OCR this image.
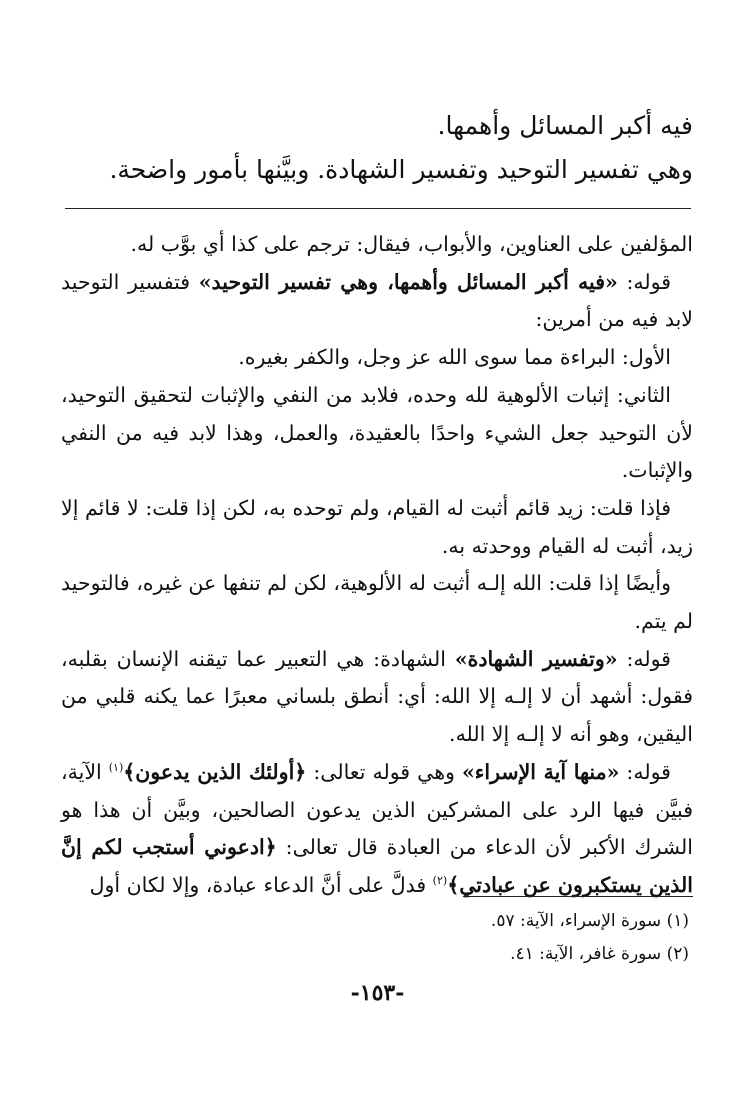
فيه أكبر المسائل وأهمها.

وهي تفسير التوحيد وتفسير الشهادة. وبيَّنها بأمور واضحة.

المؤلفين على العناوين، والأبواب، فيقال: ترجم على كذا أي بوَّب له.

قوله: «فيه أكبر المسائل وأهمها، وهي تفسير التوحيد» فتفسير التوحيد لابد فيه من أمرين:

الأول: البراءة مما سوى الله عز وجل، والكفر بغيره.

الثاني: إثبات الألوهية لله وحده، فلابد من النفي والإثبات لتحقيق التوحيد، لأن التوحيد جعل الشيء واحدًا بالعقيدة، والعمل، وهذا لابد فيه من النفي والإثبات.

فإذا قلت: زيد قائم أثبت له القيام، ولم توحده به، لكن إذا قلت: لا قائم إلا زيد، أثبت له القيام ووحدته به.

وأيضًا إذا قلت: الله إلـه أثبت له الألوهية، لكن لم تنفها عن غيره، فالتوحيد لم يتم.

قوله: «وتفسير الشهادة» الشهادة: هي التعبير عما تيقنه الإنسان بقلبه، فقول: أشهد أن لا إلـه إلا الله: أي: أنطق بلساني معبرًا عما يكنه قلبي من اليقين، وهو أنه لا إلـه إلا الله.

قوله: «منها آية الإسراء» وهي قوله تعالى: ﴿أولئك الذين يدعون﴾$^{(١)}$ الآية، فبيَّن فيها الرد على المشركين الذين يدعون الصالحين، وبيَّن أن هذا هو الشرك الأكبر لأن الدعاء من العبادة قال تعالى: ﴿ادعوني أستجب لكم إنَّ الذين يستكبرون عن عبادتي﴾$^{(٢)}$ فدلَّ على أنَّ الدعاء عبادة، وإلا لكان أول

(١) سورة الإسراء، الآية: ٥٧.

(٢) سورة غافر، الآية: ٤١.

-١٥٣-
